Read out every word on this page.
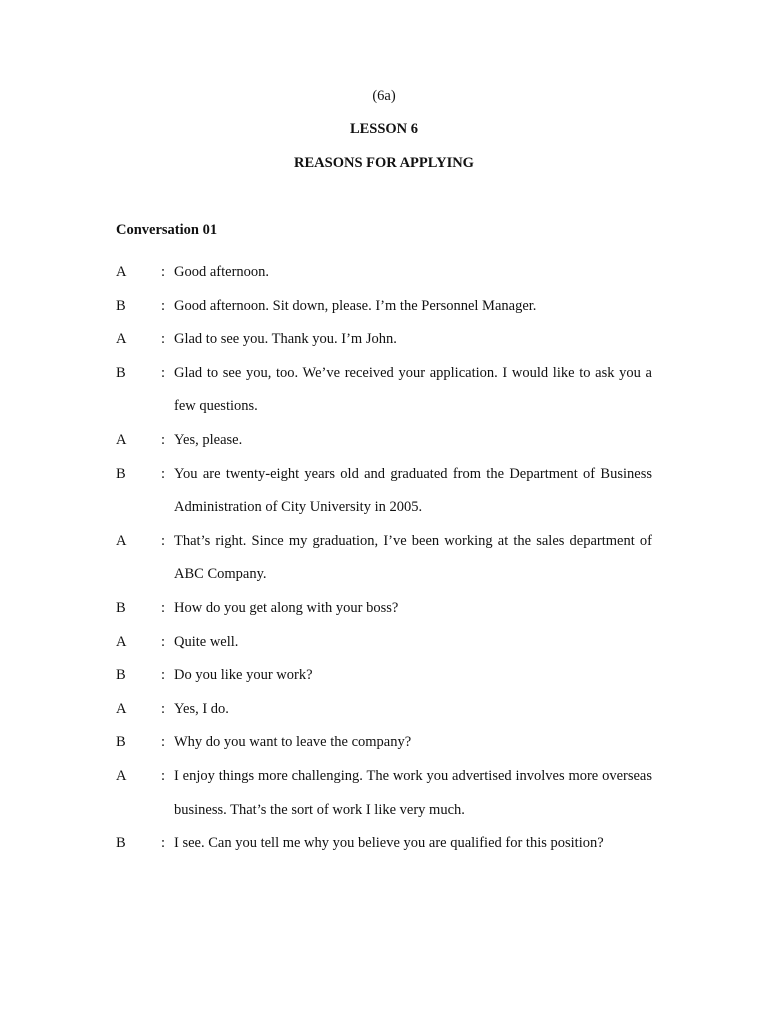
(6a)
LESSON 6
REASONS FOR APPLYING
Conversation 01
A	: Good afternoon.
B	: Good afternoon. Sit down, please. I’m the Personnel Manager.
A	: Glad to see you. Thank you. I’m John.
B	: Glad to see you, too. We’ve received your application. I would like to ask you a few questions.
A	: Yes, please.
B	: You are twenty-eight years old and graduated from the Department of Business Administration of City University in 2005.
A	: That’s right. Since my graduation, I’ve been working at the sales department of ABC Company.
B	: How do you get along with your boss?
A	: Quite well.
B	: Do you like your work?
A	: Yes, I do.
B	: Why do you want to leave the company?
A	: I enjoy things more challenging. The work you advertised involves more overseas business. That’s the sort of work I like very much.
B	: I see. Can you tell me why you believe you are qualified for this position?
